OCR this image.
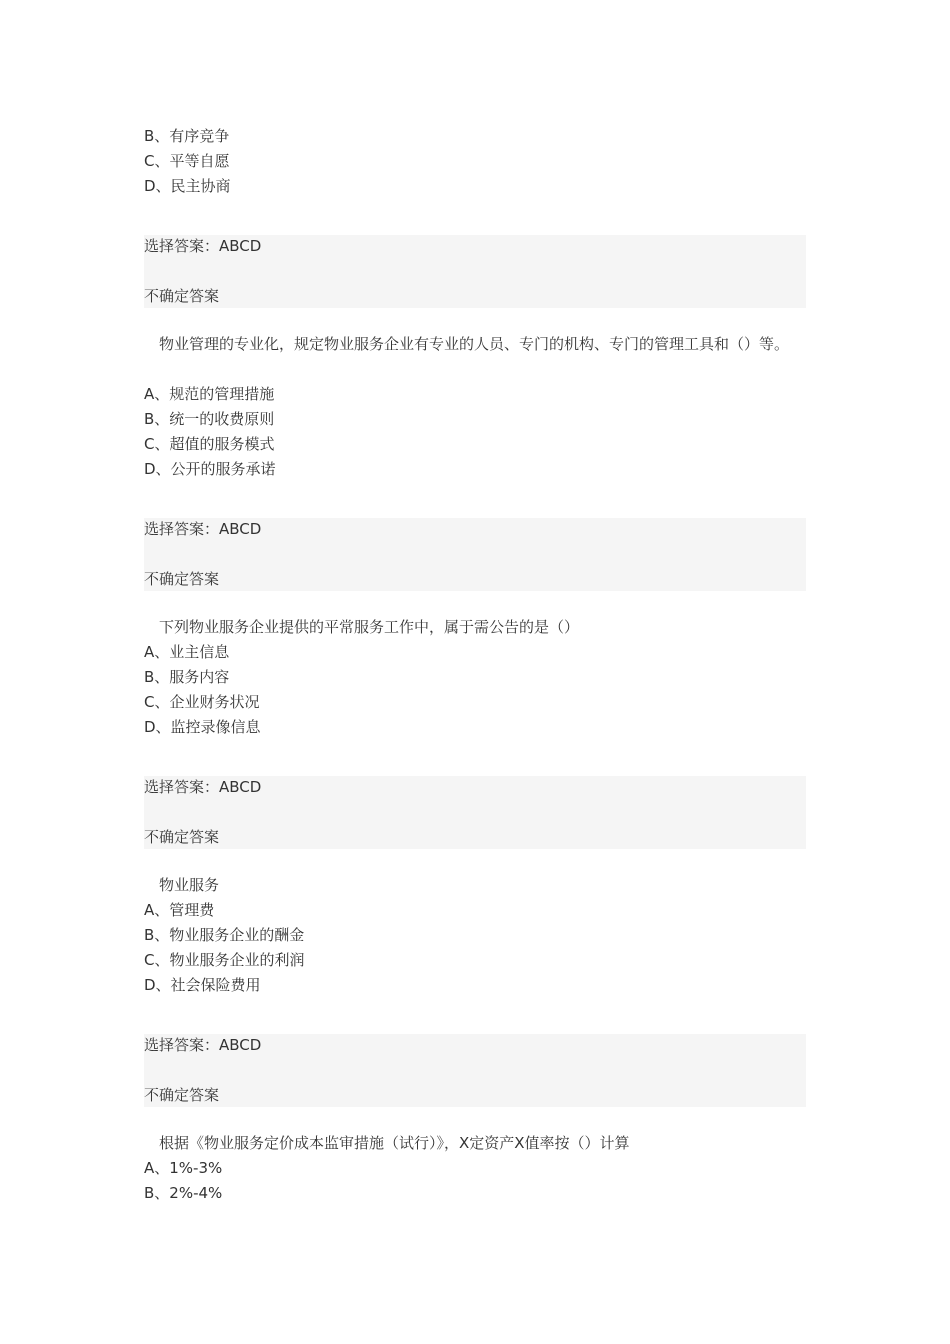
B、有序竞争
C、平等自愿
D、民主协商
选择答案：ABCD
不确定答案
物业管理的专业化，规定物业服务企业有专业的人员、专门的机构、专门的管理工具和（）等。
A、规范的管理措施
B、统一的收费原则
C、超值的服务模式
D、公开的服务承诺
选择答案：ABCD
不确定答案
下列物业服务企业提供的平常服务工作中，属于需公告的是（）
A、业主信息
B、服务内容
C、企业财务状况
D、监控录像信息
选择答案：ABCD
不确定答案
物业服务
A、管理费
B、物业服务企业的酬金
C、物业服务企业的利润
D、社会保险费用
选择答案：ABCD
不确定答案
根据《物业服务定价成本监审措施（试行）》，X定资产X值率按（）计算
A、1%-3%
B、2%-4%
